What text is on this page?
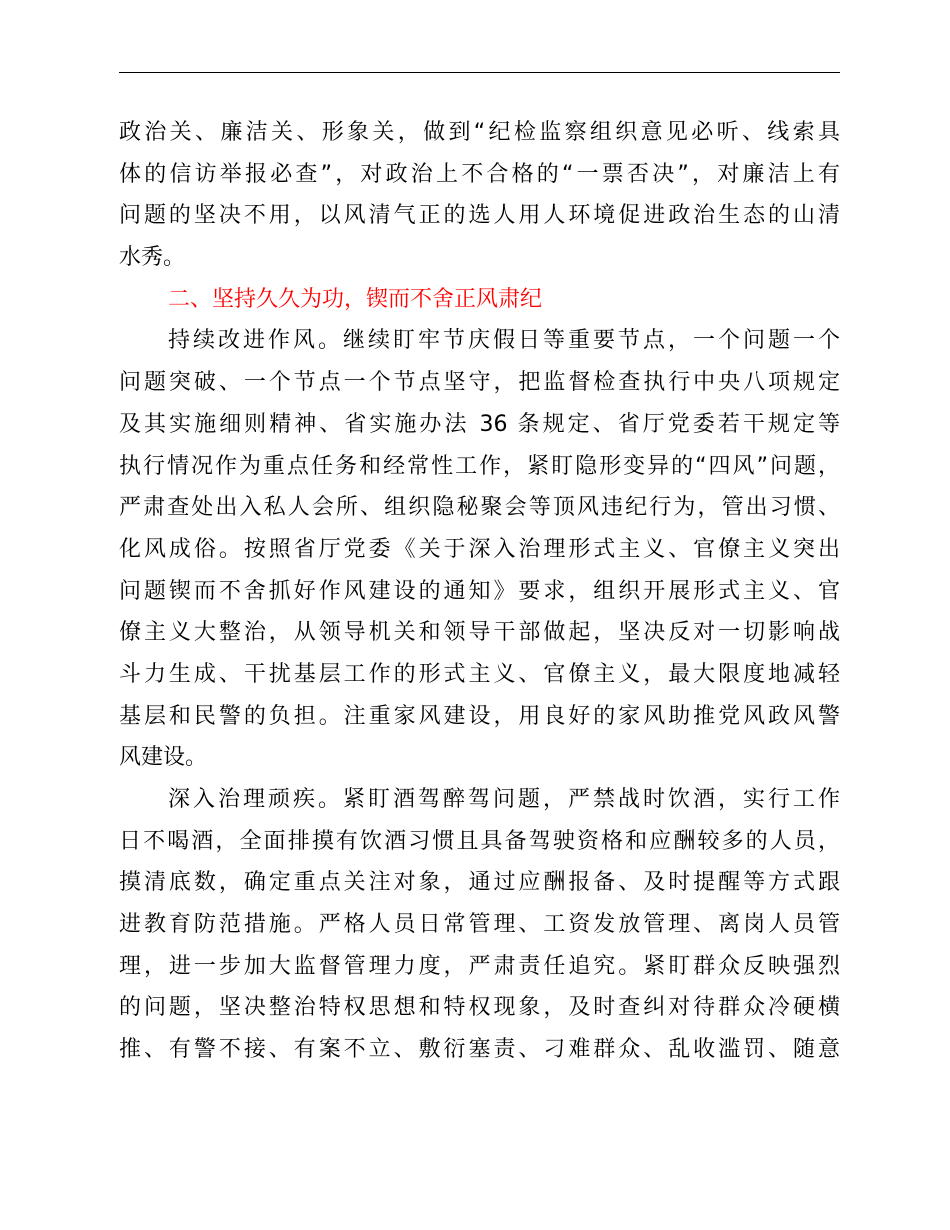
政治关、廉洁关、形象关，做到“纪检监察组织意见必听、线索具
体的信访举报必查”，对政治上不合格的“一票否决”，对廉洁上有
问题的坚决不用，以风清气正的选人用人环境促进政治生态的山清
水秀。
二、坚持久久为功，锲而不舍正风肃纪
持续改进作风。继续盯牢节庆假日等重要节点，一个问题一个
问题突破、一个节点一个节点坚守，把监督检查执行中央八项规定
及其实施细则精神、省实施办法 36 条规定、省厅党委若干规定等
执行情况作为重点任务和经常性工作，紧盯隐形变异的“四风”问题，
严肃查处出入私人会所、组织隐秘聚会等顶风违纪行为，管出习惯、
化风成俗。按照省厅党委《关于深入治理形式主义、官僚主义突出
问题锲而不舍抓好作风建设的通知》要求，组织开展形式主义、官
僚主义大整治，从领导机关和领导干部做起，坚决反对一切影响战
斗力生成、干扰基层工作的形式主义、官僚主义，最大限度地减轻
基层和民警的负担。注重家风建设，用良好的家风助推党风政风警
风建设。
深入治理顽疾。紧盯酒驾醉驾问题，严禁战时饮酒，实行工作
日不喝酒，全面排摸有饮酒习惯且具备驾驶资格和应酬较多的人员，
摸清底数，确定重点关注对象，通过应酬报备、及时提醒等方式跟
进教育防范措施。严格人员日常管理、工资发放管理、离岗人员管
理，进一步加大监督管理力度，严肃责任追究。紧盯群众反映强烈
的问题，坚决整治特权思想和特权现象，及时查纠对待群众冷硬横
推、有警不接、有案不立、敷衍塞责、刁难群众、乱收滥罚、随意
